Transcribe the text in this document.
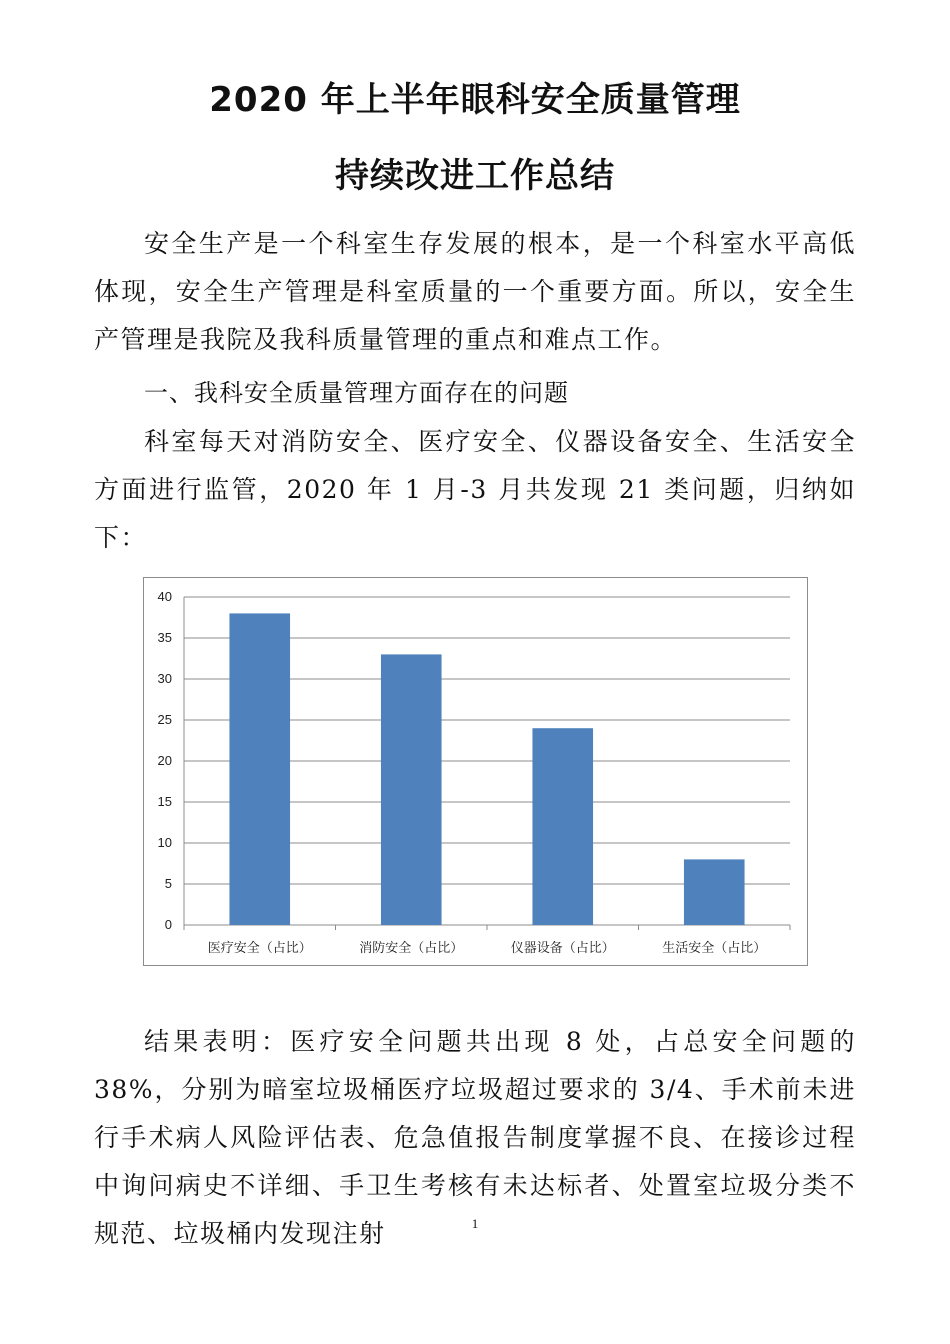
2020 年上半年眼科安全质量管理
持续改进工作总结

安全生产是一个科室生存发展的根本，是一个科室水平高低体现，安全生产管理是科室质量的一个重要方面。所以，安全生产管理是我院及我科质量管理的重点和难点工作。

一、我科安全质量管理方面存在的问题

科室每天对消防安全、医疗安全、仪器设备安全、生活安全方面进行监管，2020 年 1 月-3 月共发现 21 类问题，归纳如下：

0
5
10
15
20
25
30
35
40
医疗安全（占比）	消防安全（占比）	仪器设备（占比）	生活安全（占比）

结果表明：医疗安全问题共出现 8 处，占总安全问题的 38%，分别为暗室垃圾桶医疗垃圾超过要求的 3/4、手术前未进行手术病人风险评估表、危急值报告制度掌握不良、在接诊过程中询问病史不详细、手卫生考核有未达标者、处置室垃圾分类不规范、垃圾桶内发现注射	1
